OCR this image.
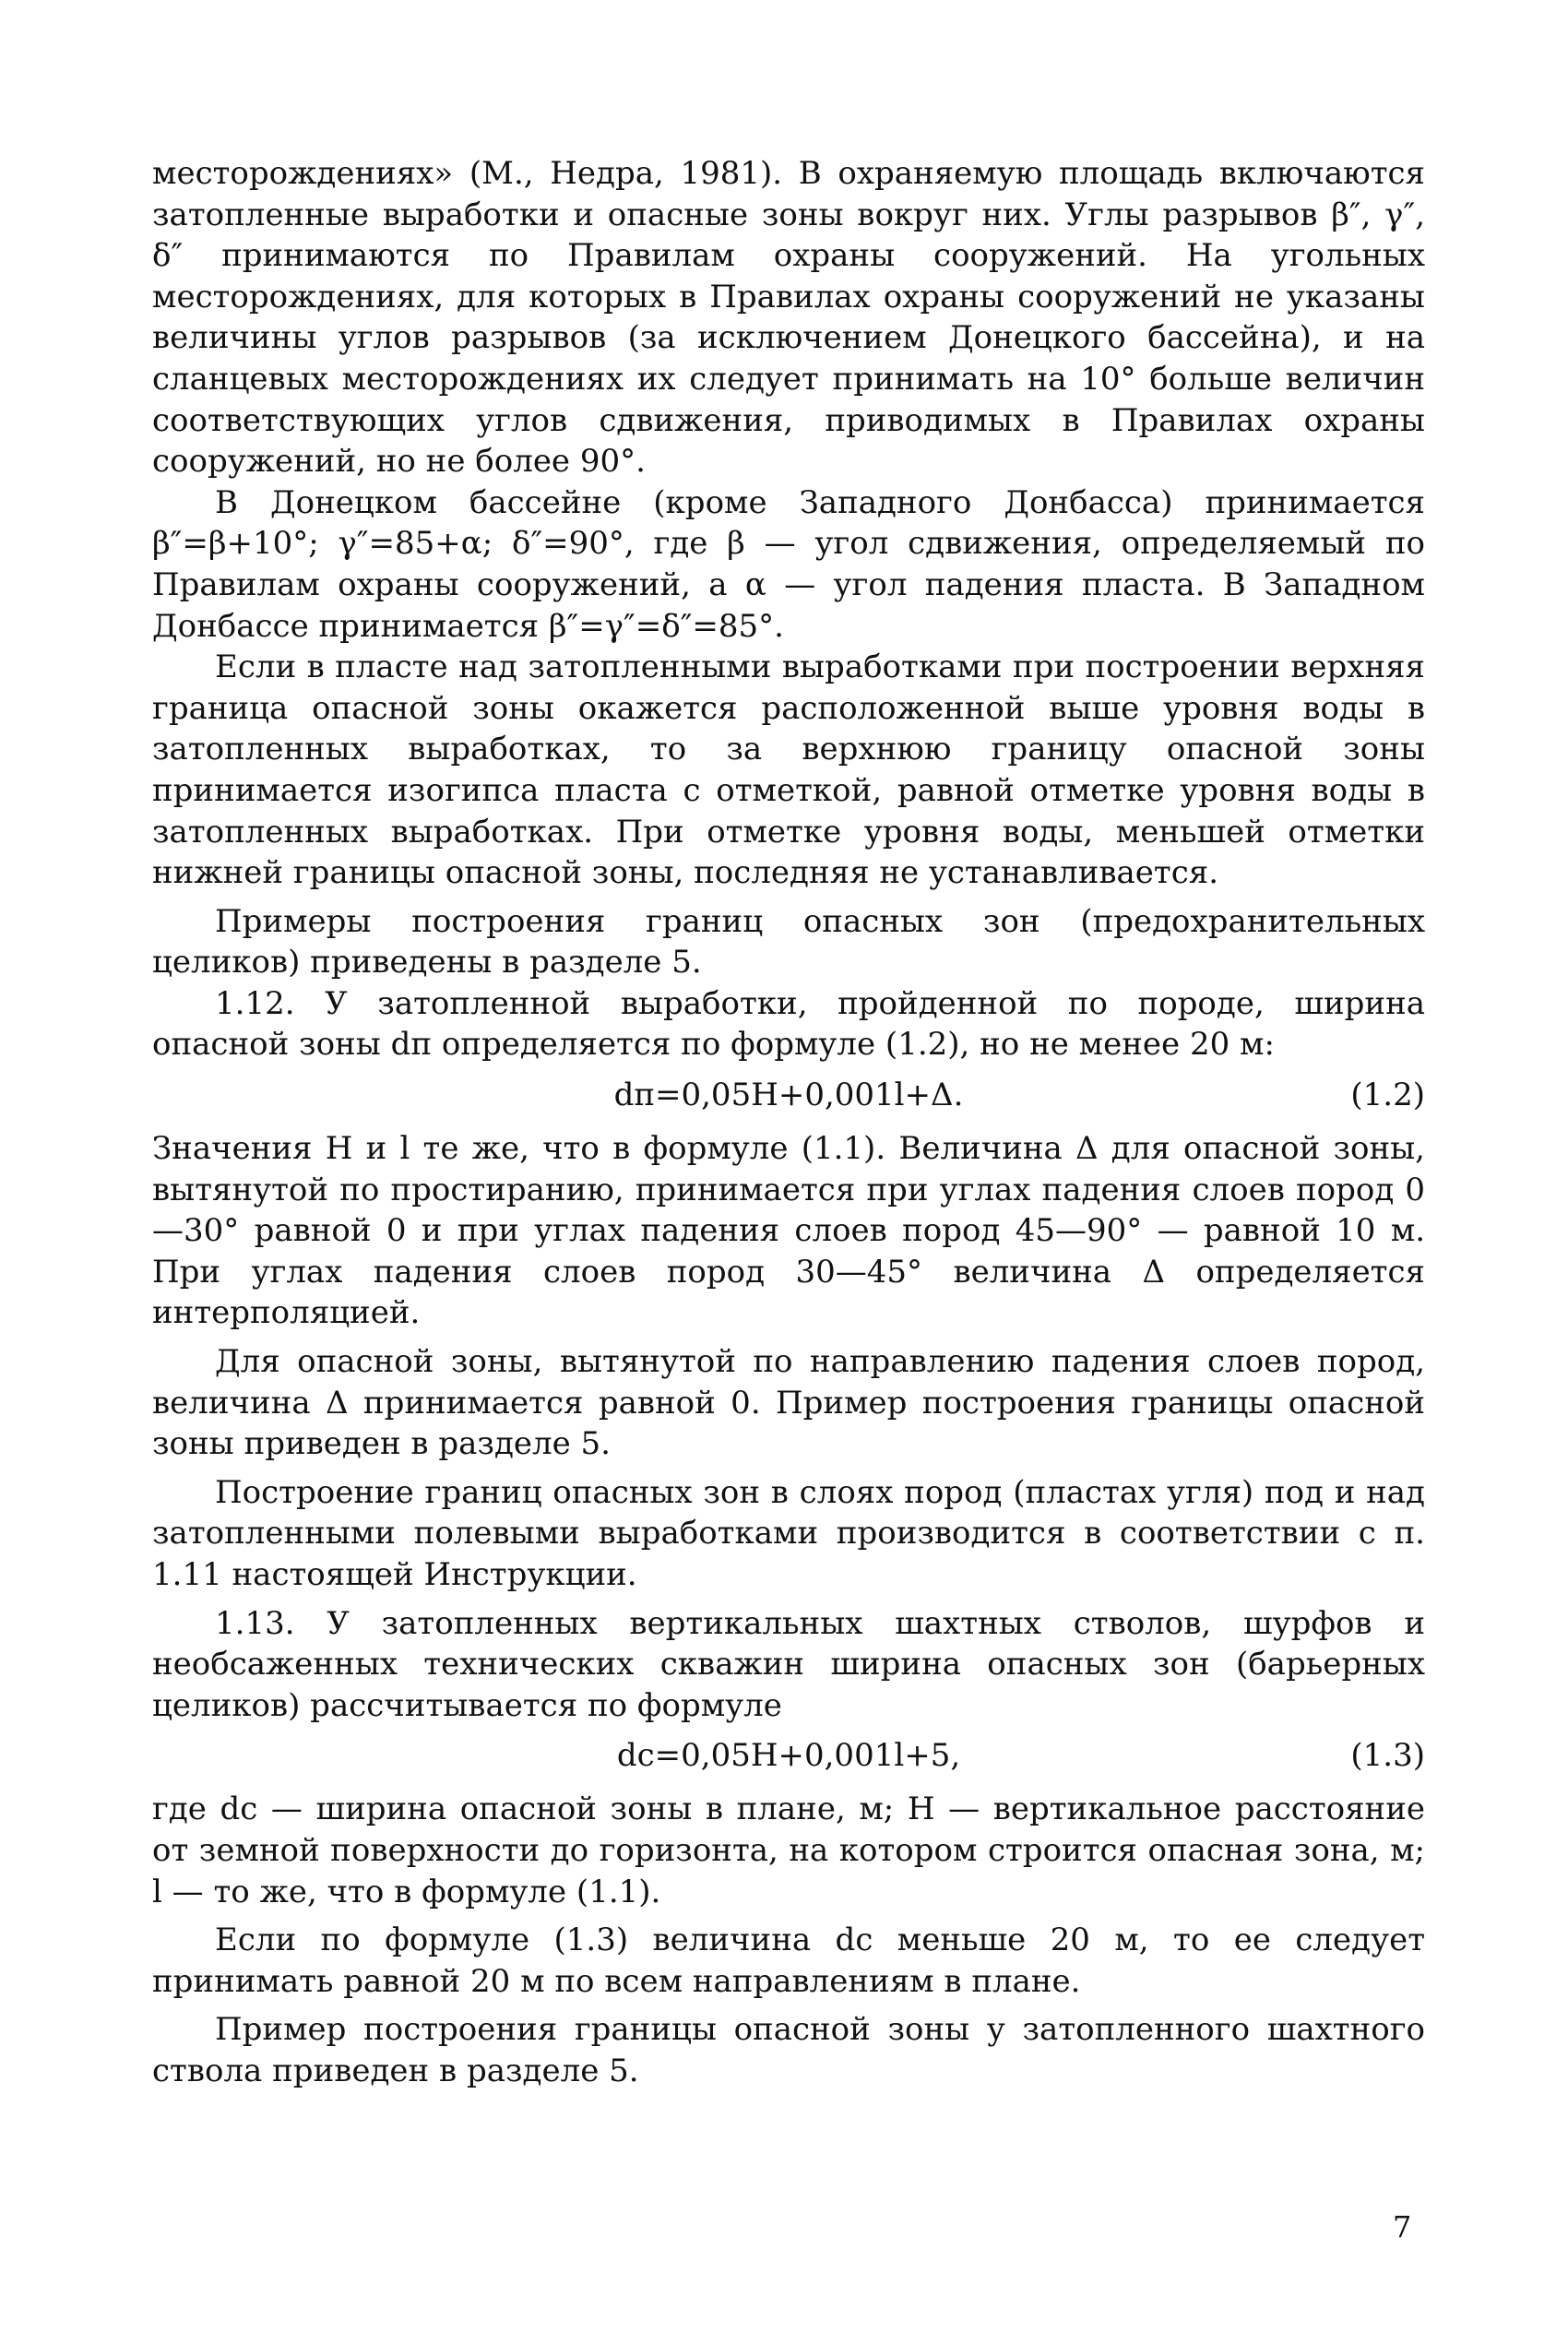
месторождениях» (М., Недра, 1981). В охраняемую площадь включаются затопленные выработки и опасные зоны вокруг них. Углы разрывов β″, γ″, δ″ принимаются по Правилам охраны сооружений. На угольных месторождениях, для которых в Правилах охраны сооружений не указаны величины углов разрывов (за исключением Донецкого бассейна), и на сланцевых месторождениях их следует принимать на 10° больше величин соответствующих углов сдвижения, приводимых в Правилах охраны сооружений, но не более 90°.

В Донецком бассейне (кроме Западного Донбасса) принимается β″=β+10°; γ″=85+α; δ″=90°, где β — угол сдвижения, определяемый по Правилам охраны сооружений, а α — угол падения пласта. В Западном Донбассе принимается β″=γ″=δ″=85°.

Если в пласте над затопленными выработками при построении верхняя граница опасной зоны окажется расположенной выше уровня воды в затопленных выработках, то за верхнюю границу опасной зоны принимается изогипса пласта с отметкой, равной отметке уровня воды в затопленных выработках. При отметке уровня воды, меньшей отметки нижней границы опасной зоны, последняя не устанавливается.

Примеры построения границ опасных зон (предохранительных целиков) приведены в разделе 5.

1.12. У затопленной выработки, пройденной по породе, ширина опасной зоны dп определяется по формуле (1.2), но не менее 20 м:

dп=0,05H+0,001l+Δ.	(1.2)

Значения H и l те же, что в формуле (1.1). Величина Δ для опасной зоны, вытянутой по простиранию, принимается при углах падения слоев пород 0—30° равной 0 и при углах падения слоев пород 45—90° — равной 10 м. При углах падения слоев пород 30—45° величина Δ определяется интерполяцией.

Для опасной зоны, вытянутой по направлению падения слоев пород, величина Δ принимается равной 0. Пример построения границы опасной зоны приведен в разделе 5.

Построение границ опасных зон в слоях пород (пластах угля) под и над затопленными полевыми выработками производится в соответствии с п. 1.11 настоящей Инструкции.

1.13. У затопленных вертикальных шахтных стволов, шурфов и необсаженных технических скважин ширина опасных зон (барьерных целиков) рассчитывается по формуле

dс=0,05H+0,001l+5,	(1.3)

где dс — ширина опасной зоны в плане, м; H — вертикальное расстояние от земной поверхности до горизонта, на котором строится опасная зона, м; l — то же, что в формуле (1.1).

Если по формуле (1.3) величина dс меньше 20 м, то ее следует принимать равной 20 м по всем направлениям в плане.

Пример построения границы опасной зоны у затопленного шахтного ствола приведен в разделе 5.

7
